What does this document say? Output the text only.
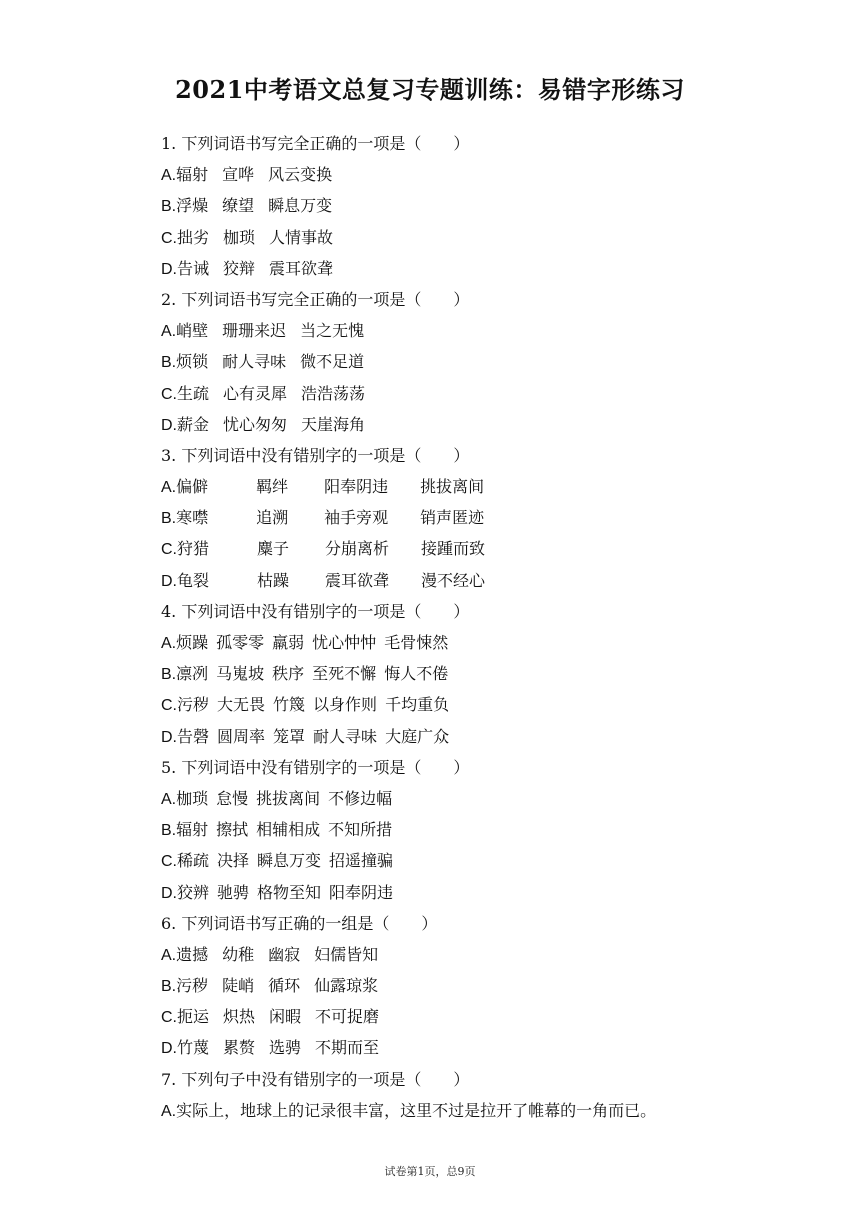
2021中考语文总复习专题训练：易错字形练习
1. 下列词语书写完全正确的一项是（　　）
A.辐射 宣哗 风云变换
B.浮燥 缭望 瞬息万变
C.拙劣 枷琐 人情事故
D.告诫 狡辩 震耳欲聋
2. 下列词语书写完全正确的一项是（　　）
A.峭壁 珊珊来迟 当之无愧
B.烦锁 耐人寻味 微不足道
C.生疏 心有灵犀 浩浩荡荡
D.薪金 忧心匆匆 天崖海角
3. 下列词语中没有错别字的一项是（　　）
A.偏僻	羁绊 阳奉阴违 挑拔离间
B.寒噤	追溯 袖手旁观 销声匿迹
C.狩猎	麋子 分崩离析 接踵而致
D.龟裂	枯躁 震耳欲聋 漫不经心
4. 下列词语中没有错别字的一项是（　　）
A.烦躁 孤零零 羸弱 忧心忡忡 毛骨悚然
B.凛冽 马嵬坡 秩序 至死不懈 悔人不倦
C.污秽 大无畏 竹篾 以身作则 千均重负
D.告磬 圆周率 笼罩 耐人寻味 大庭广众
5. 下列词语中没有错别字的一项是（　　）
A.枷琐 怠慢 挑拔离间 不修边幅
B.辐射 擦拭 相辅相成 不知所措
C.稀疏 决择 瞬息万变 招遥撞骗
D.狡辨 驰骋 格物至知 阳奉阴违
6. 下列词语书写正确的一组是（　　）
A.遗撼 幼稚 幽寂 妇儒皆知
B.污秽 陡峭 循环 仙露琼浆
C.扼运 炽热 闲暇 不可捉磨
D.竹蔑 累赘 选骋 不期而至
7. 下列句子中没有错别字的一项是（　　）
A.实际上，地球上的记录很丰富，这里不过是拉开了帷幕的一角而已。
试卷第1页，总9页
